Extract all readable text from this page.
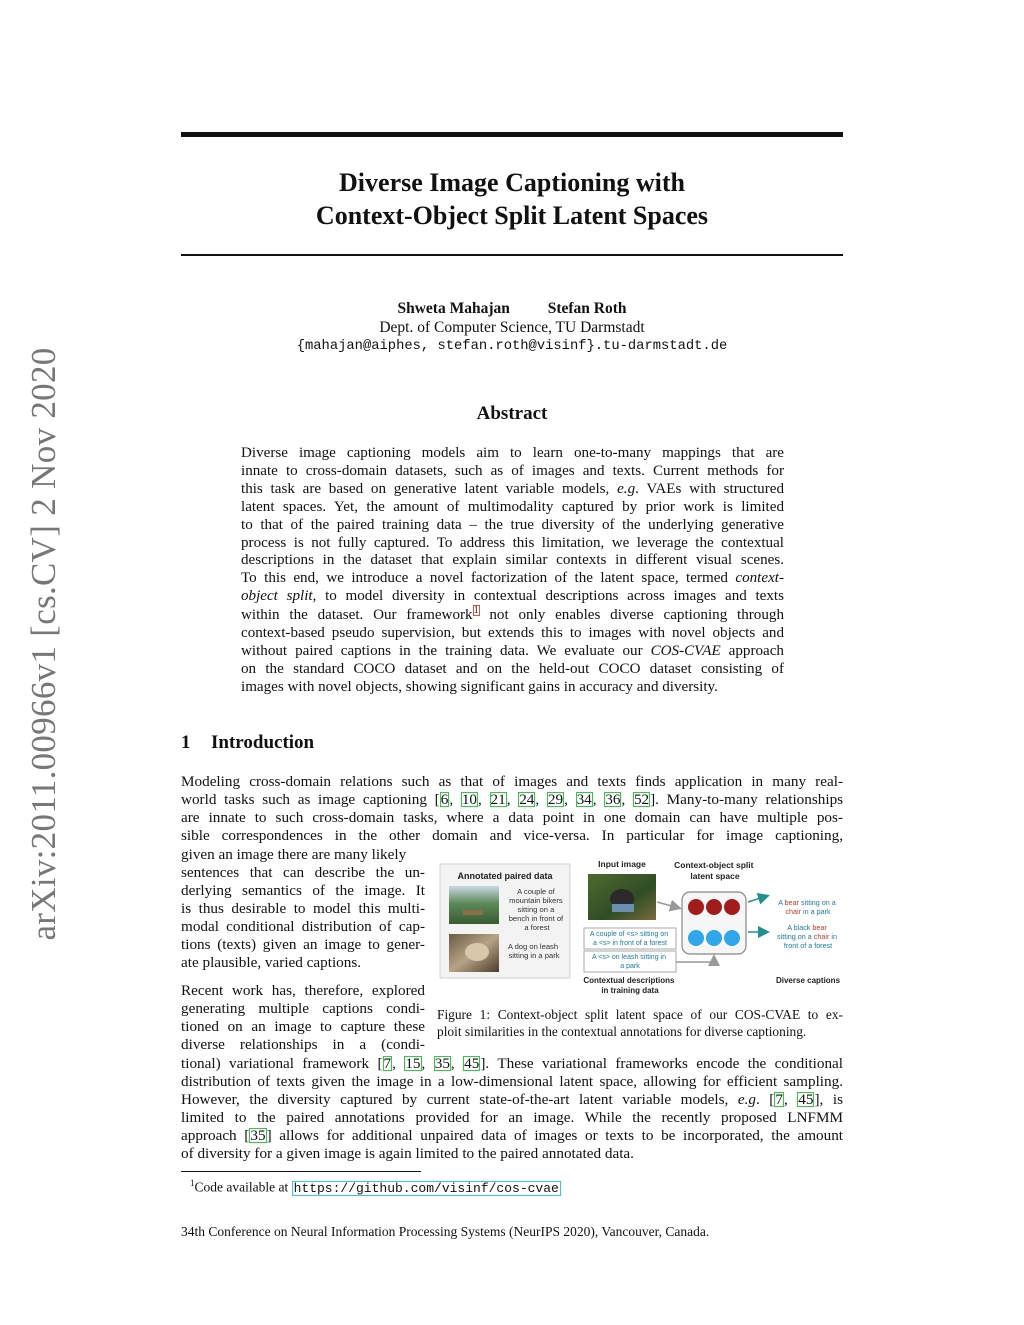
arXiv:2011.00966v1 [cs.CV] 2 Nov 2020
Diverse Image Captioning with
Context-Object Split Latent Spaces
Shweta Mahajan Stefan Roth
Dept. of Computer Science, TU Darmstadt
{mahajan@aiphes, stefan.roth@visinf}.tu-darmstadt.de
Abstract
Diverse image captioning models aim to learn one-to-many mappings that are
innate to cross-domain datasets, such as of images and texts. Current methods for
this task are based on generative latent variable models, e.g. VAEs with structured
latent spaces. Yet, the amount of multimodality captured by prior work is limited
to that of the paired training data – the true diversity of the underlying generative
process is not fully captured. To address this limitation, we leverage the contextual
descriptions in the dataset that explain similar contexts in different visual scenes.
To this end, we introduce a novel factorization of the latent space, termed context-
object split, to model diversity in contextual descriptions across images and texts
within the dataset. Our framework$^1$ not only enables diverse captioning through
context-based pseudo supervision, but extends this to images with novel objects and
without paired captions in the training data. We evaluate our COS-CVAE approach
on the standard COCO dataset and on the held-out COCO dataset consisting of
images with novel objects, showing significant gains in accuracy and diversity.
1 Introduction
Modeling cross-domain relations such as that of images and texts finds application in many real-
world tasks such as image captioning [6, 10, 21, 24, 29, 34, 36, 52]. Many-to-many relationships
are innate to such cross-domain tasks, where a data point in one domain can have multiple pos-
sible correspondences in the other domain and vice-versa. In particular for image captioning,
given an image there are many likely
sentences that can describe the un-
derlying semantics of the image. It
is thus desirable to model this multi-
modal conditional distribution of cap-
tions (texts) given an image to gener-
ate plausible, varied captions.
Recent work has, therefore, explored
generating multiple captions condi-
tioned on an image to capture these
diverse relationships in a (condi-
tional) variational framework [7, 15, 35, 45]. These variational frameworks encode the conditional
distribution of texts given the image in a low-dimensional latent space, allowing for efficient sampling.
However, the diversity captured by current state-of-the-art latent variable models, e.g. [7, 45], is
limited to the paired annotations provided for an image. While the recently proposed LNFMM
approach [35] allows for additional unpaired data of images or texts to be incorporated, the amount
of diversity for a given image is again limited to the paired annotated data.
Annotated paired data
A couple of mountain bikers sitting on a bench in front of a forest
A dog on leash sitting in a park
Input image	Context-object split latent space
A couple of <s> sitting on a <s> in front of a forest
A <s> on leash sitting in a park
Contextual descriptions in training data
A bear sitting on a chair in a park
A black bear sitting on a chair in front of a forest
Diverse captions
Figure 1: Context-object split latent space of our COS-CVAE to ex-
ploit similarities in the contextual annotations for diverse captioning.
$^1$Code available at https://github.com/visinf/cos-cvae
34th Conference on Neural Information Processing Systems (NeurIPS 2020), Vancouver, Canada.
